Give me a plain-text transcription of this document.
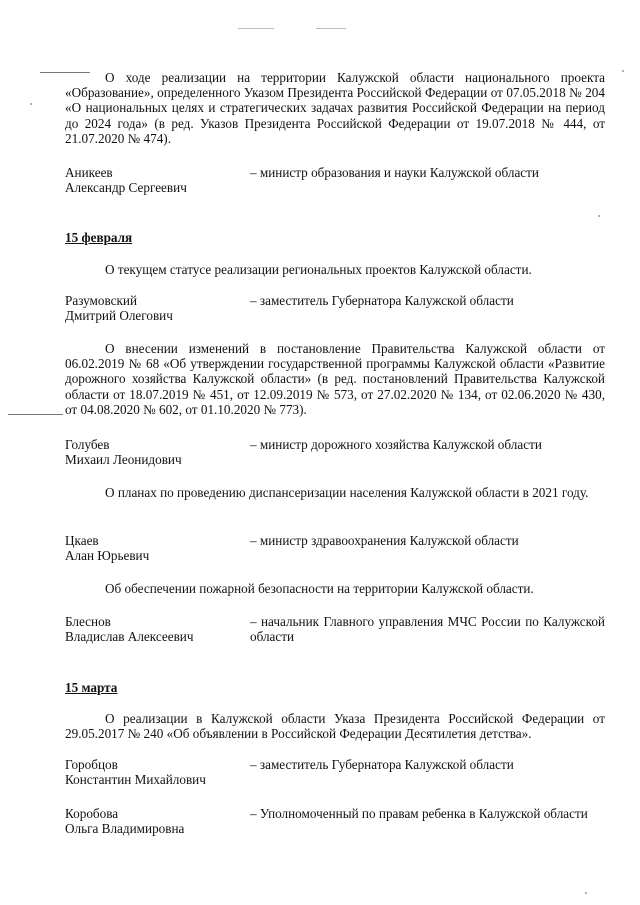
О ходе реализации на территории Калужской области национального проекта «Образование», определенного Указом Президента Российской Федерации от 07.05.2018 № 204 «О национальных целях и стратегических задачах развития Российской Федерации на период до 2024 года» (в ред. Указов Президента Российской Федерации от 19.07.2018 № 444, от 21.07.2020 № 474).
Аникеев
Александр Сергеевич
– министр образования и науки Калужской области
15 февраля
О текущем статусе реализации региональных проектов Калужской области.
Разумовский
Дмитрий Олегович
– заместитель Губернатора Калужской области
О внесении изменений в постановление Правительства Калужской области от 06.02.2019 № 68 «Об утверждении государственной программы Калужской области «Развитие дорожного хозяйства Калужской области» (в ред. постановлений Правительства Калужской области от 18.07.2019 № 451, от 12.09.2019 № 573, от 27.02.2020 № 134, от 02.06.2020 № 430, от 04.08.2020 № 602, от 01.10.2020 № 773).
Голубев
Михаил Леонидович
– министр дорожного хозяйства Калужской области
О планах по проведению диспансеризации населения Калужской области в 2021 году.
Цкаев
Алан Юрьевич
– министр здравоохранения Калужской области
Об обеспечении пожарной безопасности на территории Калужской области.
Блеснов
Владислав Алексеевич
– начальник Главного управления МЧС России по Калужской области
15 марта
О реализации в Калужской области Указа Президента Российской Федерации от 29.05.2017 № 240 «Об объявлении в Российской Федерации Десятилетия детства».
Горобцов
Константин Михайлович
– заместитель Губернатора Калужской области
Коробова
Ольга Владимировна
– Уполномоченный по правам ребенка в Калужской области
